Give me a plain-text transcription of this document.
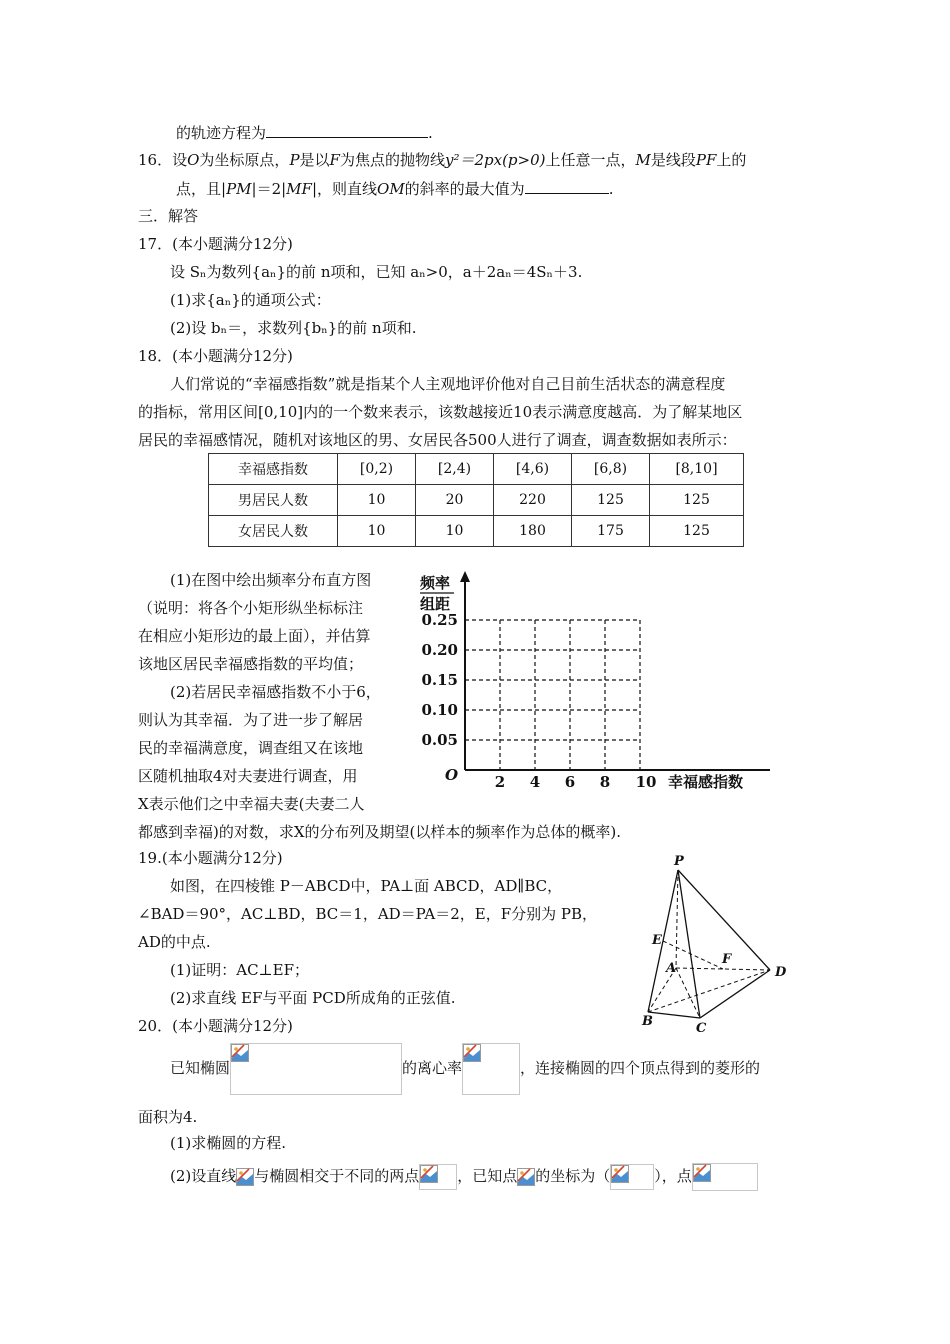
的轨迹方程为	.
16．设O为坐标原点，P是以F为焦点的抛物线y²＝2px(p>0)上任意一点，M是线段PF上的
点，且|PM|＝2|MF|，则直线OM的斜率的最大值为	.
三．解答
17．(本小题满分12分)
设 Sₙ为数列{aₙ}的前 n项和，已知 aₙ>0，a＋2aₙ＝4Sₙ＋3.
(1)求{aₙ}的通项公式：
(2)设 bₙ＝，求数列{bₙ}的前 n项和.
18．(本小题满分12分)
人们常说的“幸福感指数”就是指某个人主观地评价他对自己目前生活状态的满意程度
的指标，常用区间[0,10]内的一个数来表示，该数越接近10表示满意度越高．为了解某地区
居民的幸福感情况，随机对该地区的男、女居民各500人进行了调查，调查数据如表所示：
幸福感指数	[0,2)	[2,4)	[4,6)	[6,8)	[8,10]
男居民人数	10	20	220	125	125
女居民人数	10	10	180	175	125
(1)在图中绘出频率分布直方图
（说明：将各个小矩形纵坐标标注
在相应小矩形边的最上面），并估算
该地区居民幸福感指数的平均值；
(2)若居民幸福感指数不小于6，
则认为其幸福．为了进一步了解居
民的幸福满意度，调查组又在该地
区随机抽取4对夫妻进行调查，用
X表示他们之中幸福夫妻(夫妻二人
都感到幸福)的对数，求X的分布列及期望(以样本的频率作为总体的概率).
频率
组距
0.25
0.20
0.15
0.10
0.05
O 2 4 6 8 10 幸福感指数
19.(本小题满分12分)
如图，在四棱锥 P－ABCD中，PA⊥面 ABCD，AD∥BC，
∠BAD＝90°，AC⊥BD，BC＝1，AD＝PA＝2，E，F分别为 PB，
AD的中点.
(1)证明：AC⊥EF；
(2)求直线 EF与平面 PCD所成角的正弦值.
P
E
A
F
D
B	C
20．(本小题满分12分)
已知椭圆	的离心率	，连接椭圆的四个顶点得到的菱形的
面积为4.
(1)求椭圆的方程.
(2)设直线 与椭圆相交于不同的两点	，已知点 的坐标为（	），点
